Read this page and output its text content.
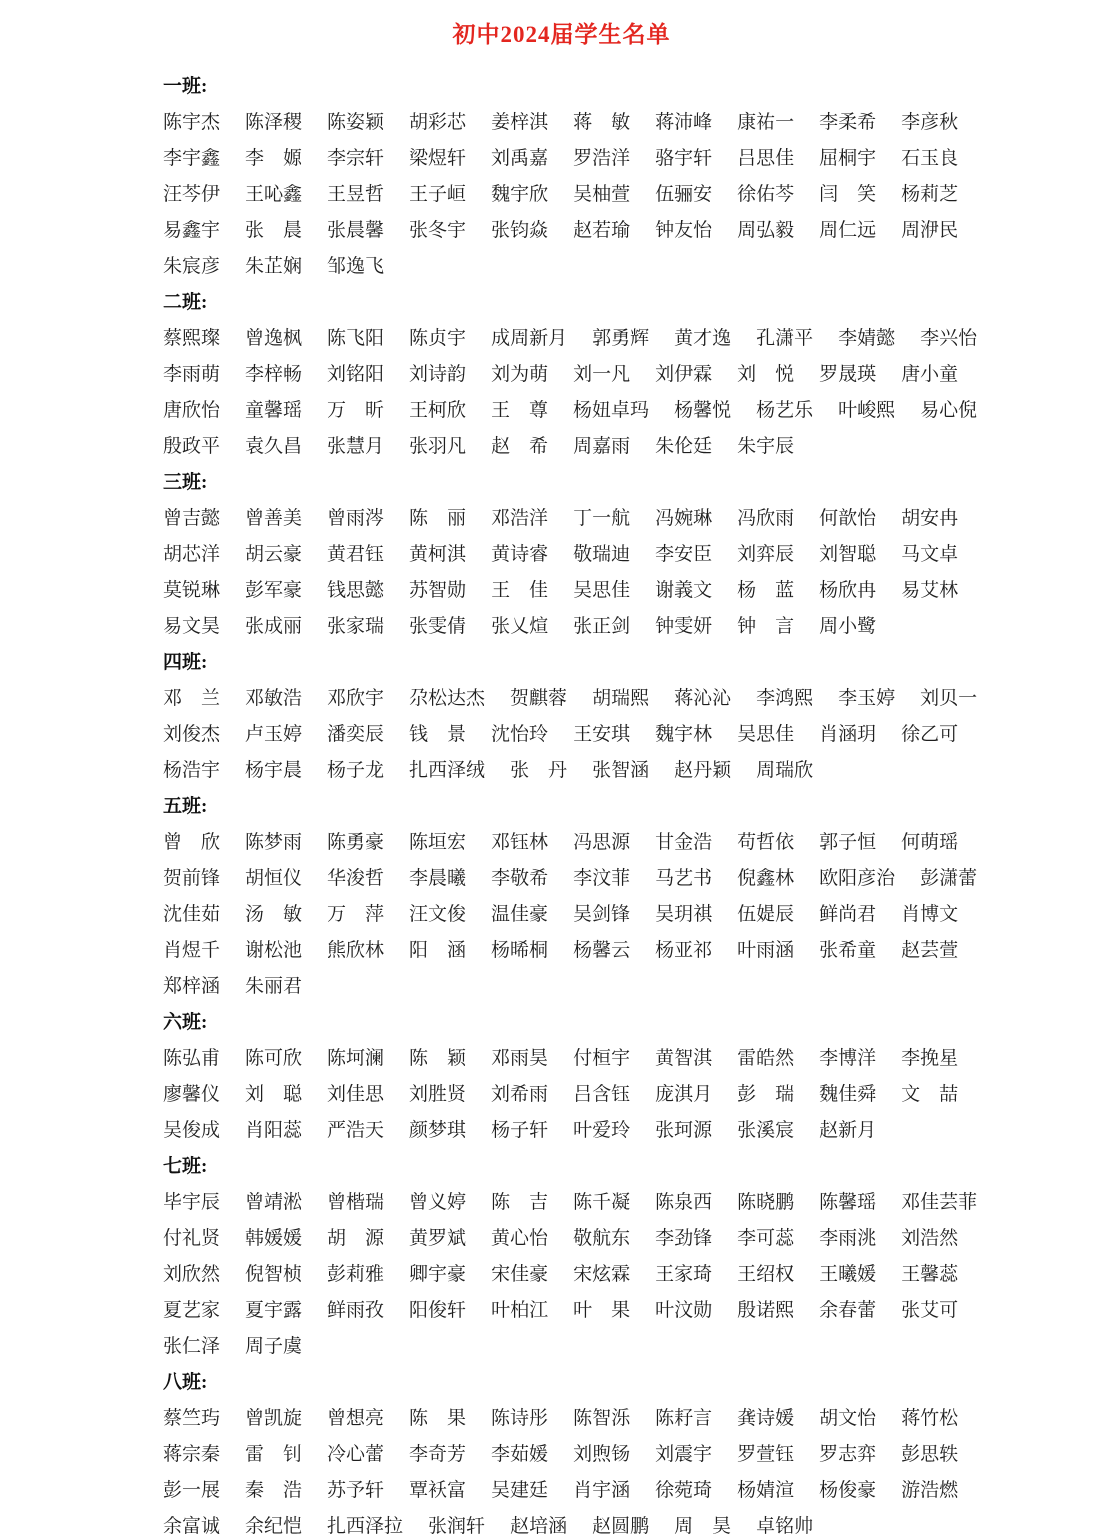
初中2024届学生名单
一班:
陈宇杰 陈泽稷 陈姿颖 胡彩芯 姜梓淇 蒋 敏 蒋沛峰 康祐一 李柔希 李彦秋
李宇鑫 李 嫄 李宗轩 梁煜轩 刘禹嘉 罗浩洋 骆宇轩 吕思佳 屈桐宇 石玉良
汪芩伊 王吣鑫 王昱哲 王子峘 魏宇欣 吴柚萱 伍骊安 徐佑芩 闫 笑 杨莉芝
易鑫宇 张 晨 张晨馨 张冬宇 张钧焱 赵若瑜 钟友怡 周弘毅 周仁远 周洢民
朱宸彦 朱芷娴 邹逸飞
二班:
蔡熙璨 曾逸枫 陈飞阳 陈贞宇 成周新月 郭勇辉 黄才逸 孔潇平 李婧懿 李兴怡
李雨萌 李梓畅 刘铭阳 刘诗韵 刘为萌 刘一凡 刘伊霖 刘 悦 罗晟瑛 唐小童
唐欣怡 童馨瑶 万 昕 王柯欣 王 尊 杨妞卓玛 杨馨悦 杨艺乐 叶峻熙 易心倪
殷政平 袁久昌 张慧月 张羽凡 赵 希 周嘉雨 朱伦廷 朱宇辰
三班:
曾吉懿 曾善美 曾雨涔 陈 丽 邓浩洋 丁一航 冯婉琳 冯欣雨 何歆怡 胡安冉
胡芯洋 胡云豪 黄君钰 黄柯淇 黄诗睿 敬瑞迪 李安臣 刘弈辰 刘智聪 马文卓
莫锐琳 彭军豪 钱思懿 苏智勋 王 佳 吴思佳 谢義文 杨 蓝 杨欣冉 易艾林
易文昊 张成丽 张家瑞 张雯倩 张乂煊 张正剑 钟雯妍 钟 言 周小鹭
四班:
邓 兰 邓敏浩 邓欣宇 尕松达杰 贺麒蓉 胡瑞熙 蒋沁沁 李鸿熙 李玉婷 刘贝一
刘俊杰 卢玉婷 潘奕辰 钱 景 沈怡玲 王安琪 魏宇林 吴思佳 肖涵玥 徐乙可
杨浩宇 杨宇晨 杨子龙 扎西泽绒 张 丹 张智涵 赵丹颖 周瑞欣
五班:
曾 欣 陈梦雨 陈勇豪 陈垣宏 邓钰林 冯思源 甘金浩 苟哲依 郭子恒 何萌瑶
贺前锋 胡恒仪 华浚哲 李晨曦 李敬希 李汶菲 马艺书 倪鑫林 欧阳彦治 彭潇蕾
沈佳茹 汤 敏 万 萍 汪文俊 温佳豪 吴剑锋 吴玥祺 伍媞辰 鲜尚君 肖博文
肖煜千 谢松池 熊欣林 阳 涵 杨晞桐 杨馨云 杨亚祁 叶雨涵 张希童 赵芸萱
郑梓涵 朱丽君
六班:
陈弘甫 陈可欣 陈坷澜 陈 颖 邓雨昊 付桓宇 黄智淇 雷皓然 李博洋 李挽星
廖馨仪 刘 聪 刘佳思 刘胜贤 刘希雨 吕含钰 庞淇月 彭 瑞 魏佳舜 文 喆
吴俊成 肖阳蕊 严浩天 颜梦琪 杨子轩 叶爱玲 张珂源 张溪宸 赵新月
七班:
毕宇辰 曾靖淞 曾楷瑞 曾义婷 陈 吉 陈千凝 陈泉西 陈晓鹏 陈馨瑶 邓佳芸菲
付礼贤 韩媛媛 胡 源 黄罗斌 黄心怡 敬航东 李劲锋 李可蕊 李雨洮 刘浩然
刘欣然 倪智桢 彭莉雅 卿宇豪 宋佳豪 宋炫霖 王家琦 王绍权 王曦媛 王馨蕊
夏艺家 夏宇露 鲜雨孜 阳俊轩 叶柏江 叶 果 叶汶勋 殷诺熙 余春蕾 张艾可
张仁泽 周子虞
八班:
蔡竺玙 曾凯旋 曾想亮 陈 果 陈诗彤 陈智泺 陈耔言 龚诗媛 胡文怡 蒋竹松
蒋宗秦 雷 钊 冷心蕾 李奇芳 李茹媛 刘煦钖 刘震宇 罗萱钰 罗志弈 彭思轶
彭一展 秦 浩 苏予轩 覃袄富 吴建廷 肖宇涵 徐菀琦 杨婧渲 杨俊豪 游浩燃
余富诚 余纪恺 扎西泽拉 张润轩 赵培涵 赵圆鹏 周 昊 卓铭帅
